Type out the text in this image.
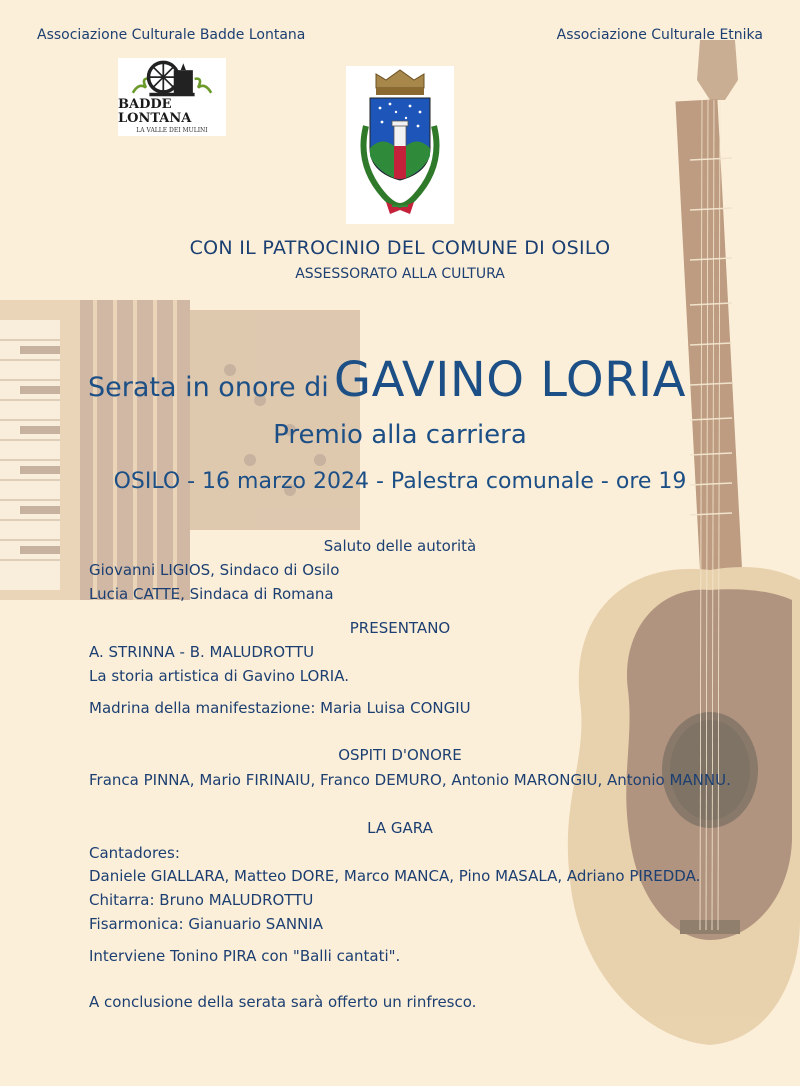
Associazione Culturale Badde Lontana	Associazione Culturale Etnika
BADDE LONTANA
LA VALLE DEI MULINI
CON IL PATROCINIO DEL COMUNE DI OSILO
ASSESSORATO ALLA CULTURA
Serata in onore di GAVINO LORIA
Premio alla carriera
OSILO - 16 marzo 2024 - Palestra comunale - ore 19
Saluto delle autorità
Giovanni LIGIOS, Sindaco di Osilo
Lucia CATTE, Sindaca di Romana
PRESENTANO
A. STRINNA - B. MALUDROTTU
La storia artistica di Gavino LORIA.
Madrina della manifestazione: Maria Luisa CONGIU
OSPITI D'ONORE
Franca PINNA, Mario FIRINAIU, Franco DEMURO, Antonio MARONGIU, Antonio MANNU.
LA GARA
Cantadores:
Daniele GIALLARA, Matteo DORE, Marco MANCA, Pino MASALA, Adriano PIREDDA.
Chitarra: Bruno MALUDROTTU
Fisarmonica: Gianuario SANNIA
Interviene Tonino PIRA con "Balli cantati".
A conclusione della serata sarà offerto un rinfresco.
